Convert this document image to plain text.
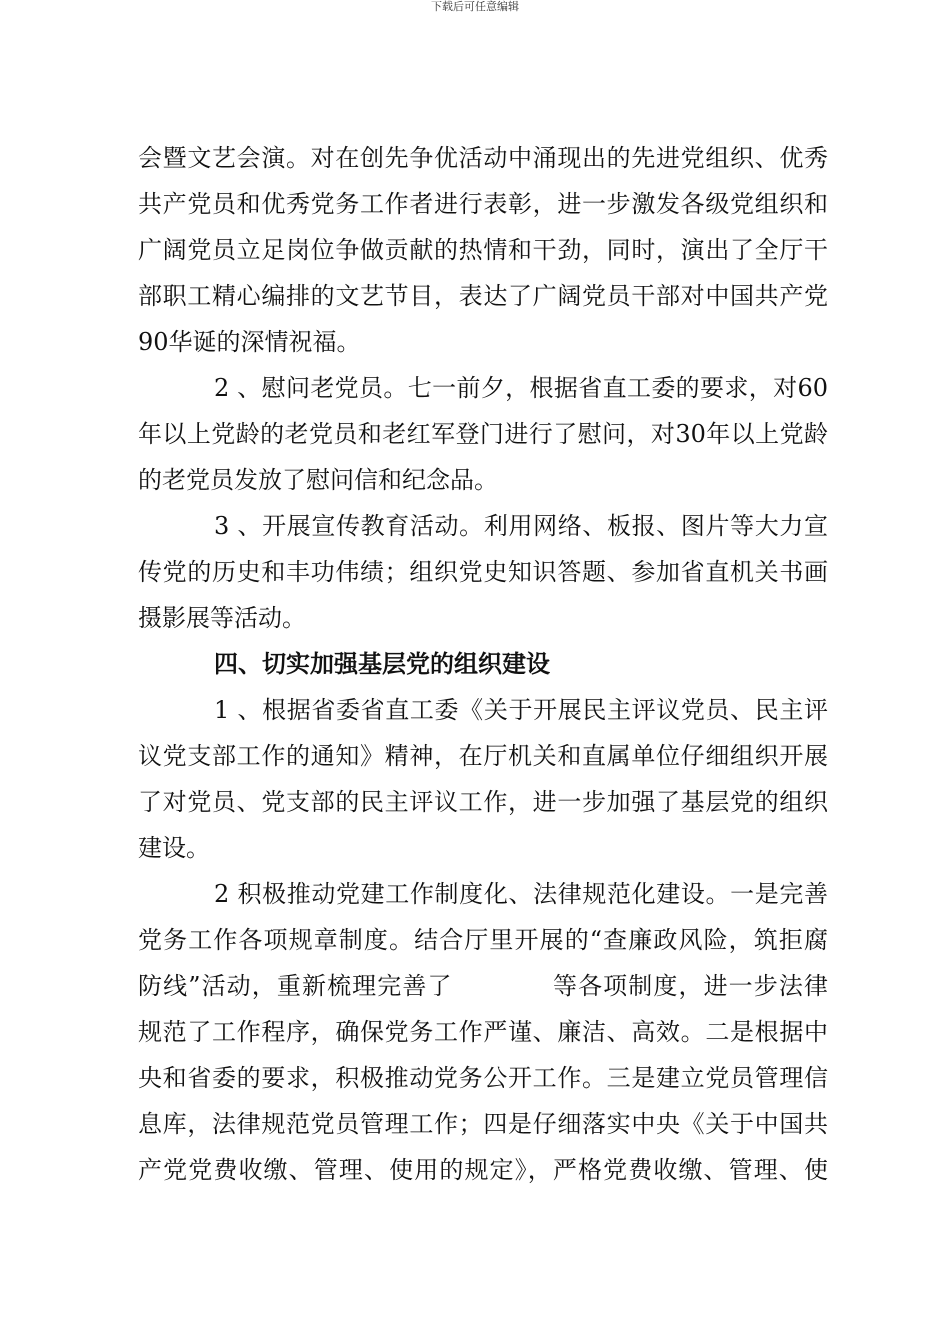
下载后可任意编辑
会暨文艺会演。对在创先争优活动中涌现出的先进党组织、优秀
共产党员和优秀党务工作者进行表彰，进一步激发各级党组织和
广阔党员立足岗位争做贡献的热情和干劲，同时，演出了全厅干
部职工精心编排的文艺节目，表达了广阔党员干部对中国共产党
90华诞的深情祝福。
2 、慰问老党员。七一前夕，根据省直工委的要求，对60
年以上党龄的老党员和老红军登门进行了慰问，对30年以上党龄
的老党员发放了慰问信和纪念品。
3 、开展宣传教育活动。利用网络、板报、图片等大力宣
传党的历史和丰功伟绩；组织党史知识答题、参加省直机关书画
摄影展等活动。
四、切实加强基层党的组织建设
1 、根据省委省直工委《关于开展民主评议党员、民主评
议党支部工作的通知》精神，在厅机关和直属单位仔细组织开展
了对党员、党支部的民主评议工作，进一步加强了基层党的组织
建设。
2 积极推动党建工作制度化、法律规范化建设。一是完善
党务工作各项规章制度。结合厅里开展的“查廉政风险，筑拒腐
防线”活动，重新梳理完善了　　　　等各项制度，进一步法律
规范了工作程序，确保党务工作严谨、廉洁、高效。二是根据中
央和省委的要求，积极推动党务公开工作。三是建立党员管理信
息库，法律规范党员管理工作；四是仔细落实中央《关于中国共
产党党费收缴、管理、使用的规定》，严格党费收缴、管理、使
